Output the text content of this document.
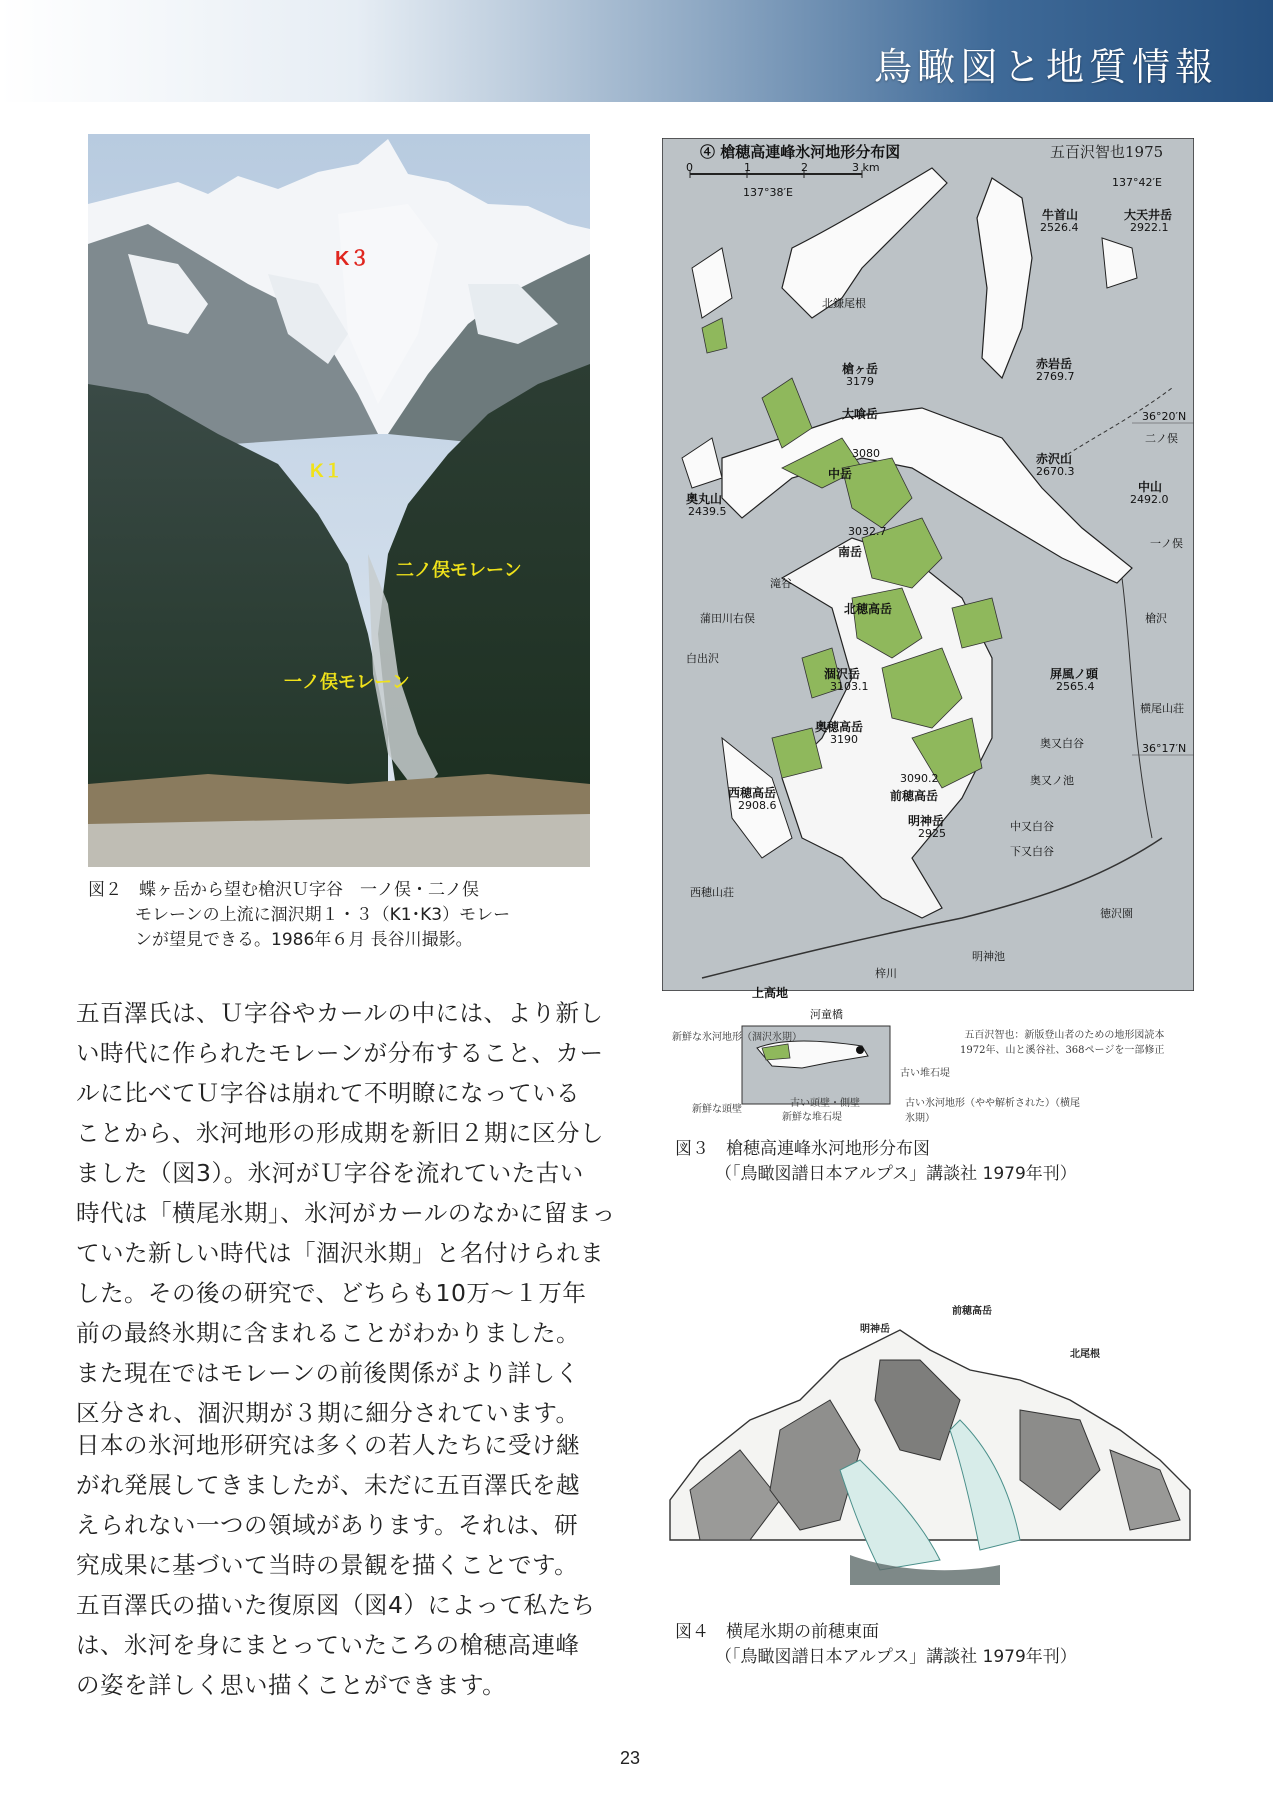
鳥瞰図と地質情報
K３
K１
二ノ俣モレーン
一ノ俣モレーン
図２　蝶ヶ岳から望む槍沢Ｕ字谷　一ノ俣・二ノ俣
モレーンの上流に涸沢期１・３（K1･K3）モレー
ンが望見できる。1986年６月 長谷川撮影。
五百澤氏は、Ｕ字谷やカールの中には、より新し
い時代に作られたモレーンが分布すること、カー
ルに比べてＵ字谷は崩れて不明瞭になっている
ことから、氷河地形の形成期を新旧２期に区分し
ました（図3）。氷河がＵ字谷を流れていた古い
時代は「横尾氷期」、氷河がカールのなかに留まっ
ていた新しい時代は「涸沢氷期」と名付けられま
した。その後の研究で、どちらも10万〜１万年
前の最終氷期に含まれることがわかりました。
また現在ではモレーンの前後関係がより詳しく
区分され、涸沢期が３期に細分されています。
日本の氷河地形研究は多くの若人たちに受け継
がれ発展してきましたが、未だに五百澤氏を越
えられない一つの領域があります。それは、研
究成果に基づいて当時の景観を描くことです。
五百澤氏の描いた復原図（図4）によって私たち
は、氷河を身にまとっていたころの槍穂高連峰
の姿を詳しく思い描くことができます。
④ 槍穂高連峰氷河地形分布図	五百沢智也1975
0	1	2	3 km
137°38′E
137°42′E
36°20′N
36°17′N
槍ヶ岳
3179
大喰岳
中岳
3080
南岳
3032.7
北穂高岳
涸沢岳
3103.1
奥穂高岳
3190
西穂高岳
2908.6
前穂高岳
3090.2
明神岳
2925
奥丸山
2439.5
赤岩岳
2769.7
赤沢山
2670.3
中山
2492.0
屏風ノ頭
2565.4
牛首山
2526.4
大天井岳
2922.1
上高地
河童橋
明神池
梓川
徳沢園
奥又白谷
奥又ノ池
中又白谷
下又白谷
横尾山荘
西穂山荘
蒲田川右俣
白出沢
滝谷
北鎌尾根
二ノ俣
一ノ俣
槍沢
新鮮な氷河地形（涸沢氷期）
新鮮な頭壁
新鮮な堆石堤
古い堆石堤
古い頭壁・側壁	古い氷河地形（やや解析された）（横尾氷期）
五百沢智也：新版登山者のための地形図読本
1972年、山と溪谷社、368ページを一部修正
図３　槍穂高連峰氷河地形分布図
（「鳥瞰図譜日本アルプス」講談社 1979年刊）
明神岳
前穂高岳
北尾根
図４　横尾氷期の前穂東面
（「鳥瞰図譜日本アルプス」講談社 1979年刊）
23
